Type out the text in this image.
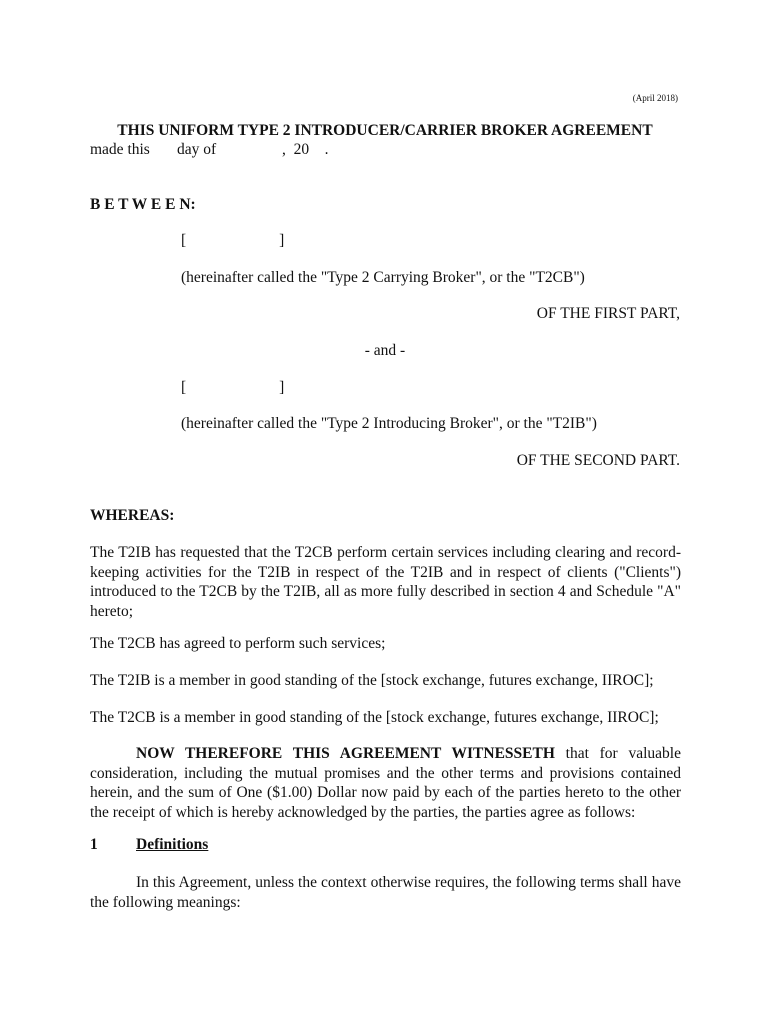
(April 2018)
THIS UNIFORM TYPE 2 INTRODUCER/CARRIER BROKER AGREEMENT
made this       day of                 ,  20    .
B E T W E E N:
[                        ]
(hereinafter called the "Type 2 Carrying Broker", or the "T2CB")
OF THE FIRST PART,
- and -
[                        ]
(hereinafter called the "Type 2 Introducing Broker", or the "T2IB")
OF THE SECOND PART.
WHEREAS:
The T2IB has requested that the T2CB perform certain services including clearing and record-keeping activities for the T2IB in respect of the T2IB and in respect of clients ("Clients") introduced to the T2CB by the T2IB, all as more fully described in section 4 and Schedule "A" hereto;
The T2CB has agreed to perform such services;
The T2IB is a member in good standing of the [stock exchange, futures exchange, IIROC];
The T2CB is a member in good standing of the [stock exchange, futures exchange, IIROC];
NOW THEREFORE THIS AGREEMENT WITNESSETH that for valuable consideration, including the mutual promises and the other terms and provisions contained herein, and the sum of One ($1.00) Dollar now paid by each of the parties hereto to the other the receipt of which is hereby acknowledged by the parties, the parties agree as follows:
1 Definitions
In this Agreement, unless the context otherwise requires, the following terms shall have the following meanings:
